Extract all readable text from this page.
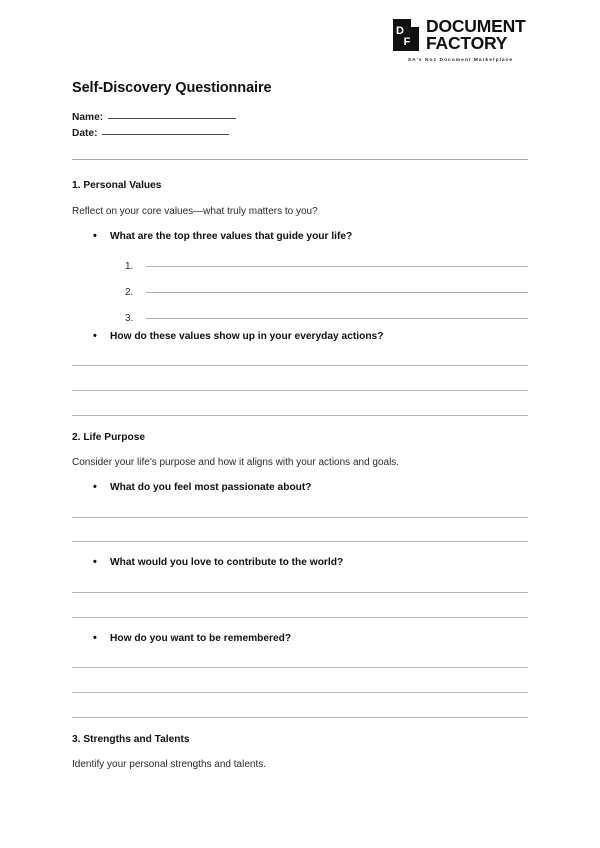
D
F
DOCUMENT
FACTORY
SA's No1 Document Marketplace
Self-Discovery Questionnaire
Name:
Date:
1. Personal Values
Reflect on your core values—what truly matters to you?
•	What are the top three values that guide your life?
1.
2.
3.
•	How do these values show up in your everyday actions?
2. Life Purpose
Consider your life's purpose and how it aligns with your actions and goals.
•	What do you feel most passionate about?
•	What would you love to contribute to the world?
•	How do you want to be remembered?
3. Strengths and Talents
Identify your personal strengths and talents.
